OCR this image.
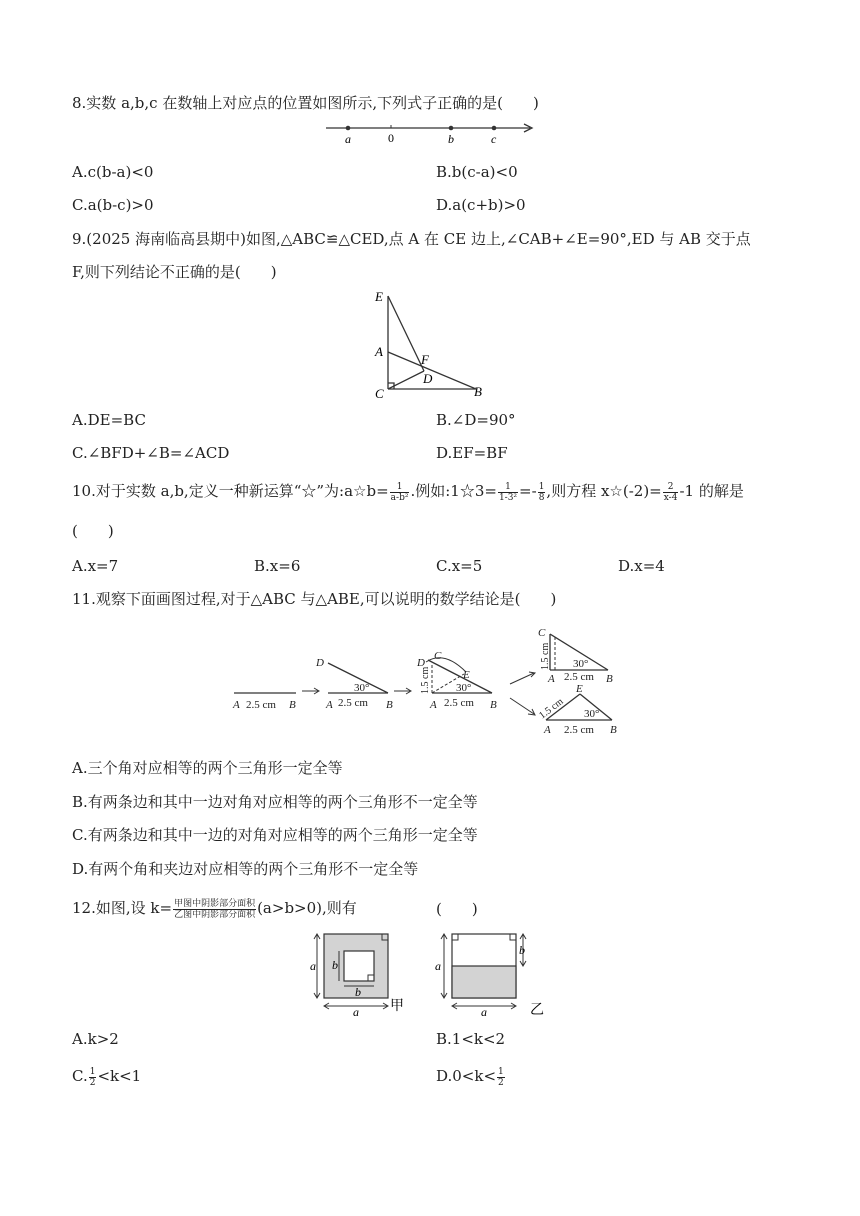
8.实数 a,b,c 在数轴上对应点的位置如图所示,下列式子正确的是(　　)
a	0	b	c
A.c(b-a)<0	B.b(c-a)<0
C.a(b-c)>0	D.a(c+b)>0
9.(2025 海南临高县期中)如图,△ABC≌△CED,点 A 在 CE 边上,∠CAB+∠E=90°,ED 与 AB 交于点
F,则下列结论不正确的是(　　)
E
A
F
D
C	B
A.DE=BC	B.∠D=90°
C.∠BFD+∠B=∠ACD	D.EF=BF
10.对于实数 a,b,定义一种新运算“☆”为:a☆b= $\frac{1}{\text{a-b²}}$ .例如:1☆3= $\frac{1}{\text{1-3²}} =- \frac{1}{8}$ ,则方程 x☆(-2)= $\frac{2}{x-4} -1$ 的解是
(　　)
A.x=7	B.x=6	C.x=5	D.x=4
11.观察下面画图过程,对于△ABC 与△ABE,可以说明的数学结论是(　　)
A 2.5 cm B
D
30°
A 2.5 cm B
D
C
E
1.5 cm 30°
A 2.5 cm B
C
1.5 cm 30°
A 2.5 cm B
E
1.5 cm 30°
A 2.5 cm B
A.三个角对应相等的两个三角形一定全等
B.有两条边和其中一边对角对应相等的两个三角形不一定全等
C.有两条边和其中一边的对角对应相等的两个三角形一定全等
D.有两个角和夹边对应相等的两个三角形不一定全等
12.如图,设 $k= \frac{\text{甲图中阴影部分面积}}{\text{乙图中阴影部分面积}} (a>b>0)$,则有	(　　)
a b
b
a 甲
a
b
a	乙
A.k>2	B.1<k<2
C. $\frac{1}{2} <k<1$	$D.0<k< \frac{1}{2}$
